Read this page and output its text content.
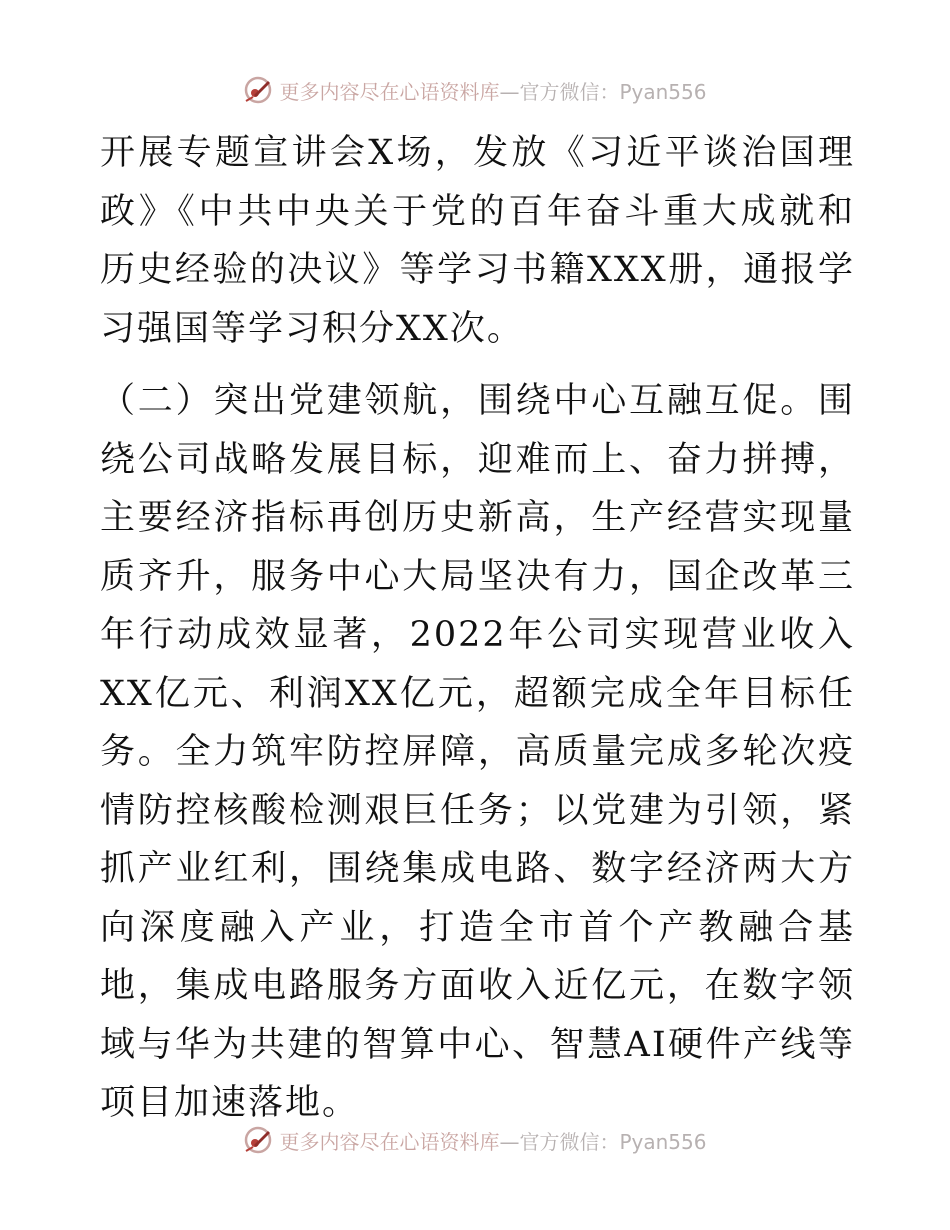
更多内容尽在心语资料库 —官方微信：Pyan556

开展专题宣讲会X场，发放《习近平谈治国理政》《中共中央关于党的百年奋斗重大成就和历史经验的决议》等学习书籍XXX册，通报学习强国等学习积分XX次。

（二）突出党建领航，围绕中心互融互促。围绕公司战略发展目标，迎难而上、奋力拼搏，主要经济指标再创历史新高，生产经营实现量质齐升，服务中心大局坚决有力，国企改革三年行动成效显著，2022年公司实现营业收入XX亿元、利润XX亿元，超额完成全年目标任务。全力筑牢防控屏障，高质量完成多轮次疫情防控核酸检测艰巨任务；以党建为引领，紧抓产业红利，围绕集成电路、数字经济两大方向深度融入产业，打造全市首个产教融合基地，集成电路服务方面收入近亿元，在数字领域与华为共建的智算中心、智慧AI硬件产线等项目加速落地。

更多内容尽在心语资料库 —官方微信：Pyan556
